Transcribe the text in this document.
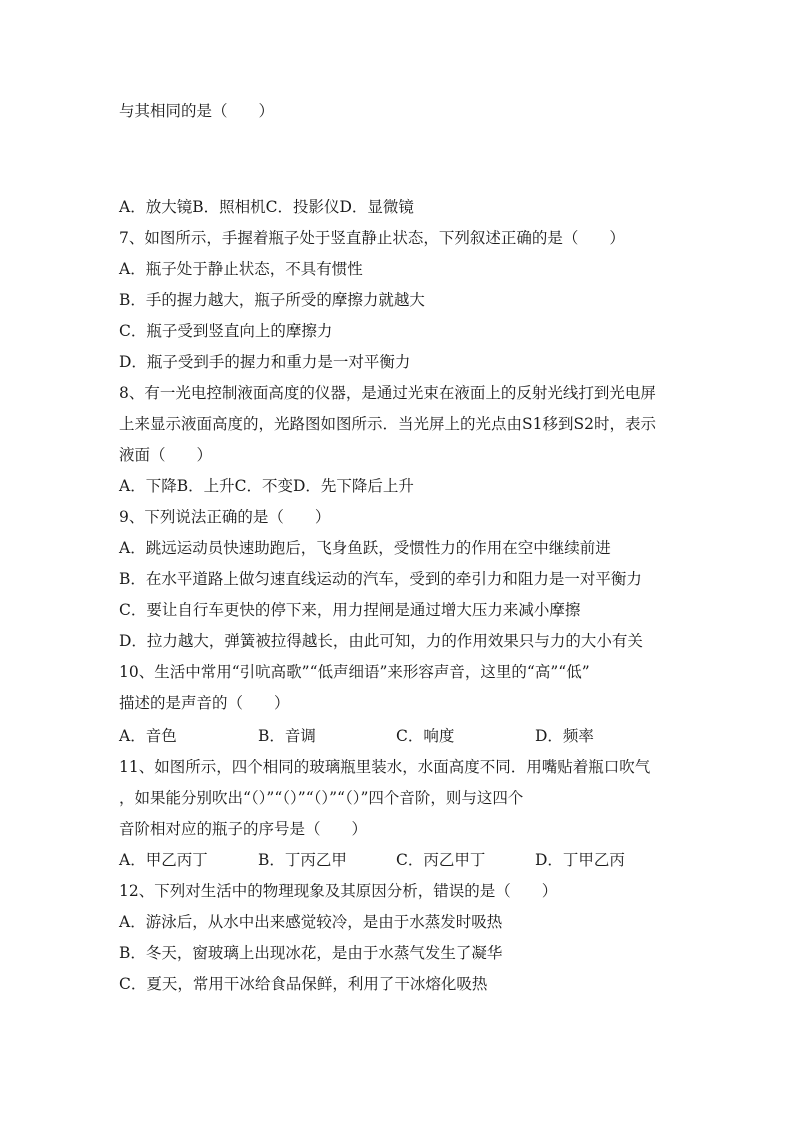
与其相同的是（　　）
A．放大镜B．照相机C．投影仪D．显微镜
7、如图所示，手握着瓶子处于竖直静止状态，下列叙述正确的是（　　）
A．瓶子处于静止状态，不具有惯性
B．手的握力越大，瓶子所受的摩擦力就越大
C．瓶子受到竖直向上的摩擦力
D．瓶子受到手的握力和重力是一对平衡力
8、有一光电控制液面高度的仪器，是通过光束在液面上的反射光线打到光电屏
上来显示液面高度的，光路图如图所示．当光屏上的光点由S1移到S2时，表示
液面（　　）
A．下降B．上升C．不变D．先下降后上升
9、下列说法正确的是（　　）
A．跳远运动员快速助跑后，飞身鱼跃，受惯性力的作用在空中继续前进
B．在水平道路上做匀速直线运动的汽车，受到的牵引力和阻力是一对平衡力
C．要让自行车更快的停下来，用力捏闸是通过增大压力来减小摩擦
D．拉力越大，弹簧被拉得越长，由此可知，力的作用效果只与力的大小有关
10、生活中常用“引吭高歌”“低声细语”来形容声音，这里的“高”“低”
描述的是声音的（　　）
A．音色	B．音调	C．响度	D．频率
11、如图所示，四个相同的玻璃瓶里装水，水面高度不同．用嘴贴着瓶口吹气
，如果能分别吹出“（）”“（）”“（）”“（）”四个音阶，则与这四个
音阶相对应的瓶子的序号是（　　）
A．甲乙丙丁	B．丁丙乙甲	C．丙乙甲丁	D．丁甲乙丙
12、下列对生活中的物理现象及其原因分析，错误的是（　　）
A．游泳后，从水中出来感觉较冷，是由于水蒸发时吸热
B．冬天，窗玻璃上出现冰花，是由于水蒸气发生了凝华
C．夏天，常用干冰给食品保鲜，利用了干冰熔化吸热
